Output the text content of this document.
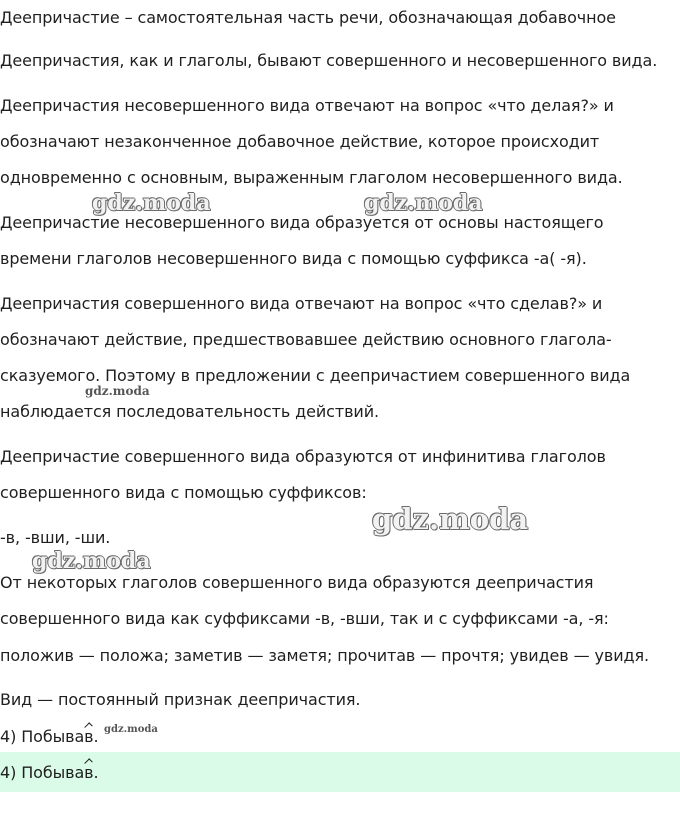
Деепричастие – самостоятельная часть речи, обозначающая добавочное

Деепричастия, как и глаголы, бывают совершенного и несовершенного вида.

Деепричастия несовершенного вида отвечают на вопрос «что делая?» и

обозначают незаконченное добавочное действие, которое происходит

одновременно с основным, выраженным глаголом несовершенного вида.

Деепричастие несовершенного вида образуется от основы настоящего

времени глаголов несовершенного вида с помощью суффикса -а( -я).

Деепричастия совершенного вида отвечают на вопрос «что сделав?» и

обозначают действие, предшествовавшее действию основного глагола-

сказуемого. Поэтому в предложении с деепричастием совершенного вида

наблюдается последовательность действий.

Деепричастие совершенного вида образуются от инфинитива глаголов

совершенного вида с помощью суффиксов:

-в, -вши, -ши.

От некоторых глаголов совершенного вида образуются деепричастия

совершенного вида как суффиксами -в, -вши, так и с суффиксами -а, -я:

положив — положа; заметив — заметя; прочитав — прочтя; увидев — увидя.

Вид — постоянный признак деепричастия.

4) Побывав.

4) Побывав.

gdz.moda	gdz.moda
gdz.moda
gdz.moda
gdz.moda
gdz.moda
